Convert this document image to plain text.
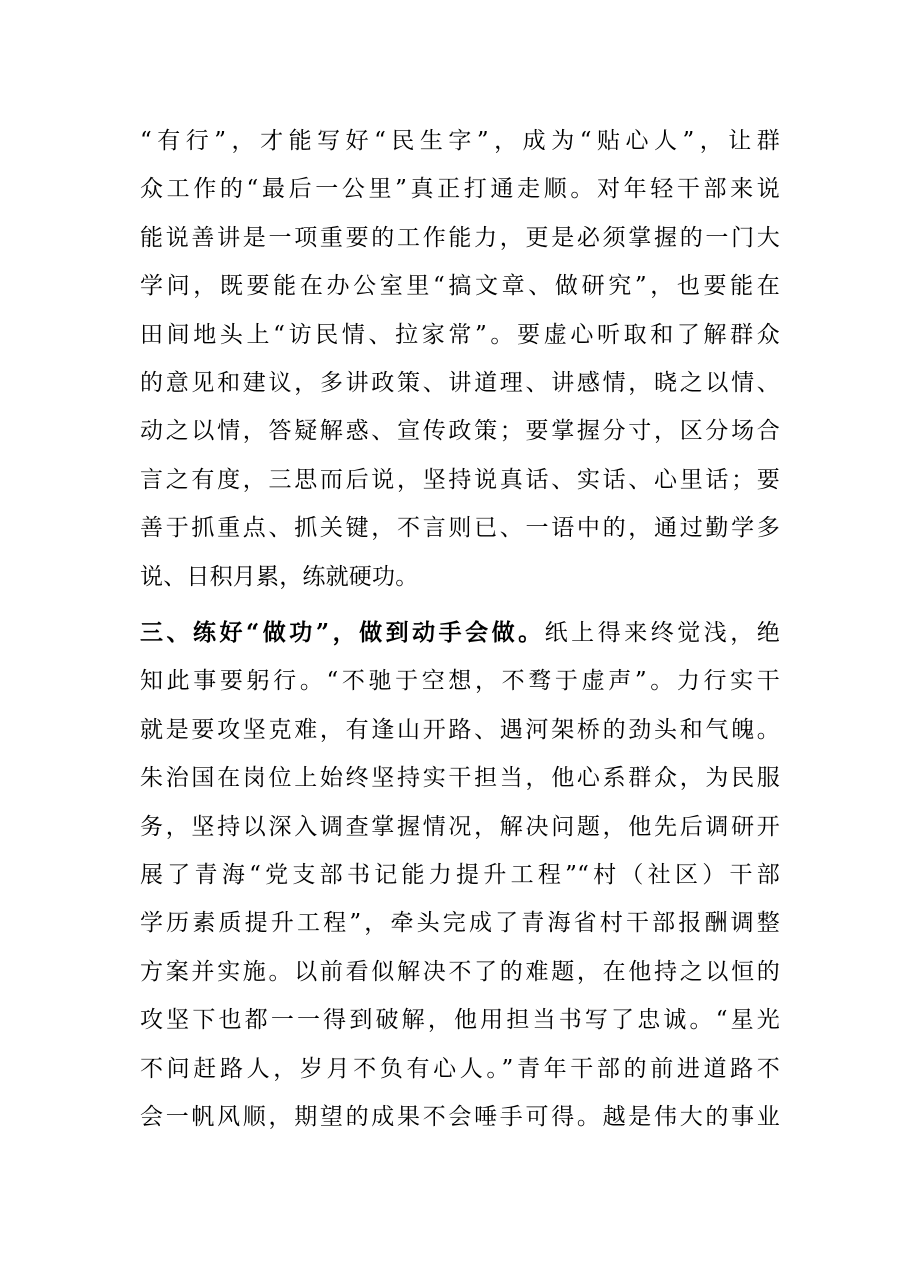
“有行”，才能写好“民生字”，成为“贴心人”，让群
众工作的“最后一公里”真正打通走顺。对年轻干部来说
能说善讲是一项重要的工作能力，更是必须掌握的一门大
学问，既要能在办公室里“搞文章、做研究”，也要能在
田间地头上“访民情、拉家常”。要虚心听取和了解群众
的意见和建议，多讲政策、讲道理、讲感情，晓之以情、
动之以情，答疑解惑、宣传政策；要掌握分寸，区分场合
言之有度，三思而后说，坚持说真话、实话、心里话；要
善于抓重点、抓关键，不言则已、一语中的，通过勤学多
说、日积月累，练就硬功。
三、练好“做功”，做到动手会做。纸上得来终觉浅，绝
知此事要躬行。“不驰于空想，不骛于虚声”。力行实干
就是要攻坚克难，有逢山开路、遇河架桥的劲头和气魄。
朱治国在岗位上始终坚持实干担当，他心系群众，为民服
务，坚持以深入调查掌握情况，解决问题，他先后调研开
展了青海“党支部书记能力提升工程”“村（社区）干部
学历素质提升工程”，牵头完成了青海省村干部报酬调整
方案并实施。以前看似解决不了的难题，在他持之以恒的
攻坚下也都一一得到破解，他用担当书写了忠诚。“星光
不问赶路人，岁月不负有心人。”青年干部的前进道路不
会一帆风顺，期望的成果不会唾手可得。越是伟大的事业
